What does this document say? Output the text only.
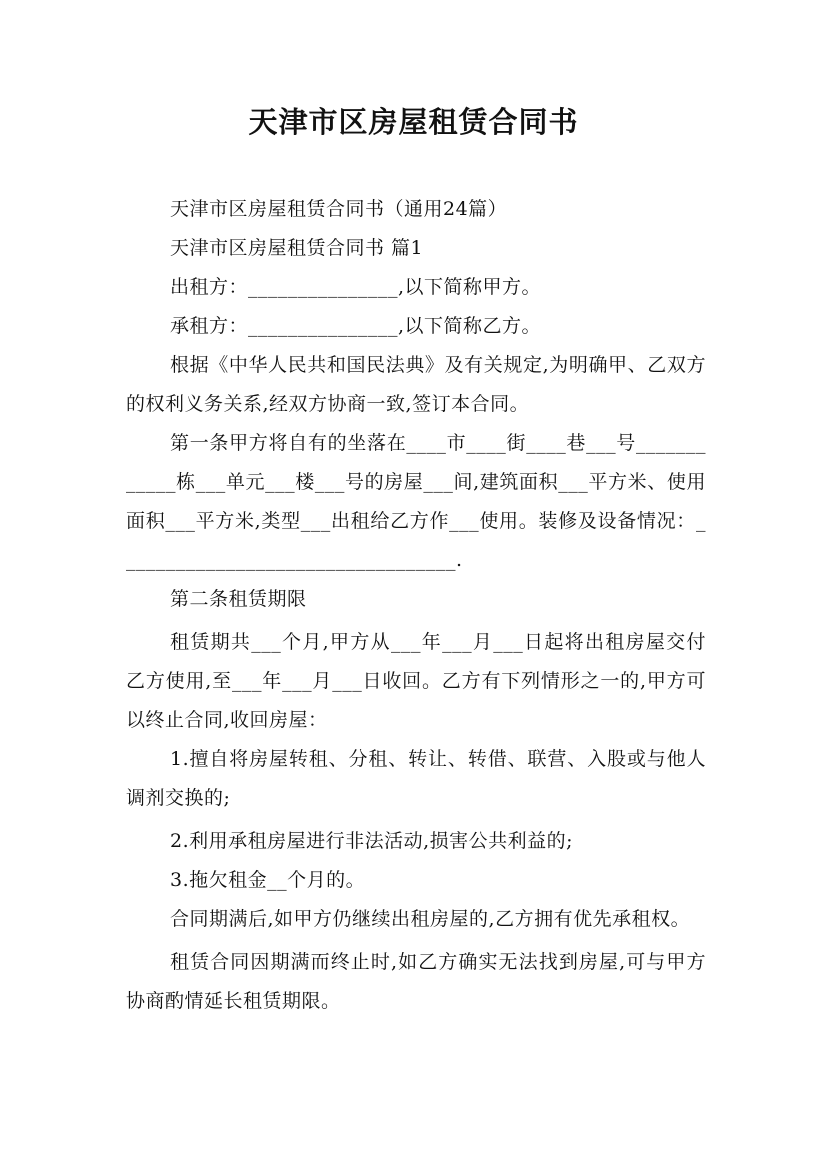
天津市区房屋租赁合同书

天津市区房屋租赁合同书（通用24篇）

天津市区房屋租赁合同书 篇1

出租方：_______________,以下简称甲方。

承租方：_______________,以下简称乙方。

根据《中华人民共和国民法典》及有关规定,为明确甲、乙双方的权利义务关系,经双方协商一致,签订本合同。

第一条甲方将自有的坐落在____市____街____巷___号____________栋___单元___楼___号的房屋___间,建筑面积___平方米、使用面积___平方米,类型___出租给乙方作___使用。装修及设备情况：__________________________________.

第二条租赁期限

租赁期共___个月,甲方从___年___月___日起将出租房屋交付乙方使用,至___年___月___日收回。乙方有下列情形之一的,甲方可以终止合同,收回房屋：

1.擅自将房屋转租、分租、转让、转借、联营、入股或与他人调剂交换的;

2.利用承租房屋进行非法活动,损害公共利益的;

3.拖欠租金__个月的。

合同期满后,如甲方仍继续出租房屋的,乙方拥有优先承租权。

租赁合同因期满而终止时,如乙方确实无法找到房屋,可与甲方协商酌情延长租赁期限。
